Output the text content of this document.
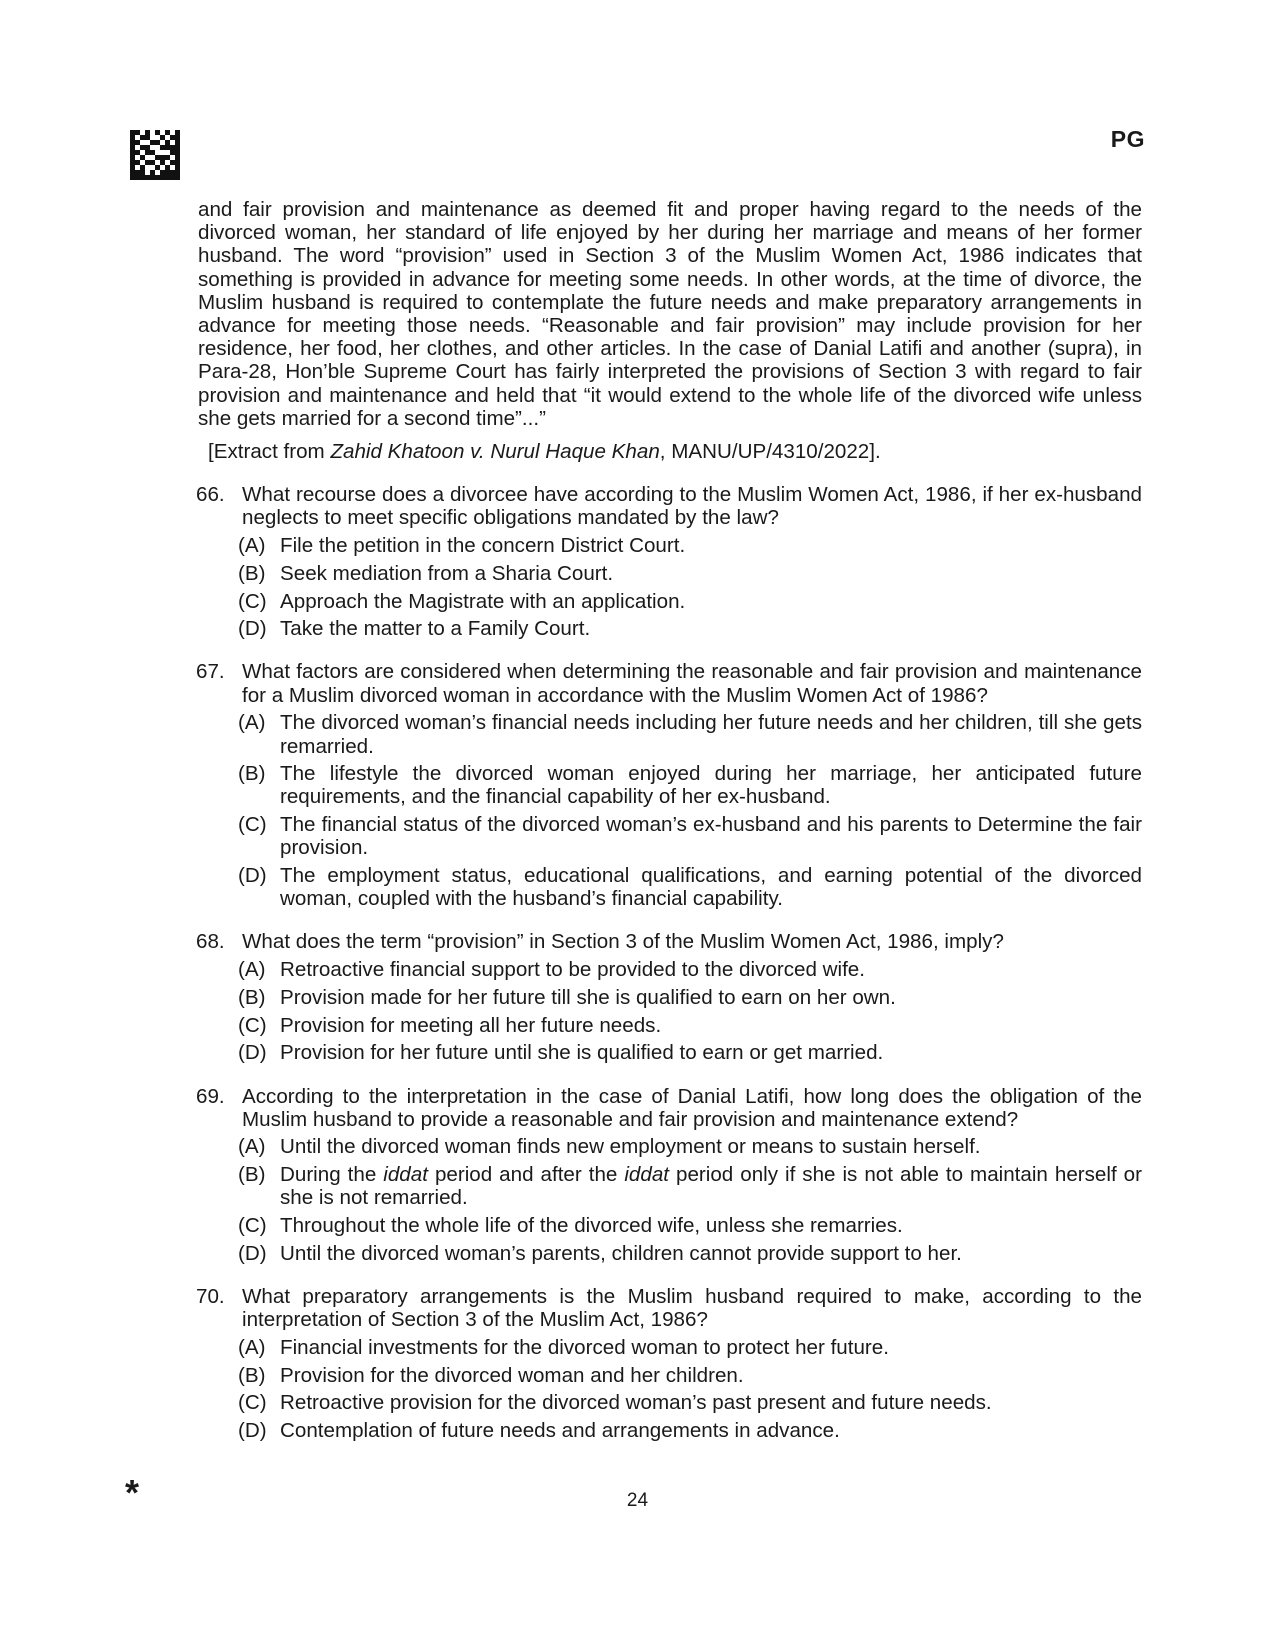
PG

and fair provision and maintenance as deemed fit and proper having regard to the needs of the divorced woman, her standard of life enjoyed by her during her marriage and means of her former husband. The word “provision” used in Section 3 of the Muslim Women Act, 1986 indicates that something is provided in advance for meeting some needs. In other words, at the time of divorce, the Muslim husband is required to contemplate the future needs and make preparatory arrangements in advance for meeting those needs. “Reasonable and fair provision” may include provision for her residence, her food, her clothes, and other articles. In the case of Danial Latifi and another (supra), in Para-28, Hon’ble Supreme Court has fairly interpreted the provisions of Section 3 with regard to fair provision and maintenance and held that “it would extend to the whole life of the divorced wife unless she gets married for a second time”...”

[Extract from Zahid Khatoon v. Nurul Haque Khan, MANU/UP/4310/2022].
66. What recourse does a divorcee have according to the Muslim Women Act, 1986, if her ex-husband neglects to meet specific obligations mandated by the law?
(A) File the petition in the concern District Court.
(B) Seek mediation from a Sharia Court.
(C) Approach the Magistrate with an application.
(D) Take the matter to a Family Court.
67. What factors are considered when determining the reasonable and fair provision and maintenance for a Muslim divorced woman in accordance with the Muslim Women Act of 1986?
(A) The divorced woman’s financial needs including her future needs and her children, till she gets remarried.
(B) The lifestyle the divorced woman enjoyed during her marriage, her anticipated future requirements, and the financial capability of her ex-husband.
(C) The financial status of the divorced woman’s ex-husband and his parents to Determine the fair provision.
(D) The employment status, educational qualifications, and earning potential of the divorced woman, coupled with the husband’s financial capability.
68. What does the term “provision” in Section 3 of the Muslim Women Act, 1986, imply?
(A) Retroactive financial support to be provided to the divorced wife.
(B) Provision made for her future till she is qualified to earn on her own.
(C) Provision for meeting all her future needs.
(D) Provision for her future until she is qualified to earn or get married.
69. According to the interpretation in the case of Danial Latifi, how long does the obligation of the Muslim husband to provide a reasonable and fair provision and maintenance extend?
(A) Until the divorced woman finds new employment or means to sustain herself.
(B) During the iddat period and after the iddat period only if she is not able to maintain herself or she is not remarried.
(C) Throughout the whole life of the divorced wife, unless she remarries.
(D) Until the divorced woman’s parents, children cannot provide support to her.
70. What preparatory arrangements is the Muslim husband required to make, according to the interpretation of Section 3 of the Muslim Act, 1986?
(A) Financial investments for the divorced woman to protect her future.
(B) Provision for the divorced woman and her children.
(C) Retroactive provision for the divorced woman’s past present and future needs.
(D) Contemplation of future needs and arrangements in advance.
*	24
